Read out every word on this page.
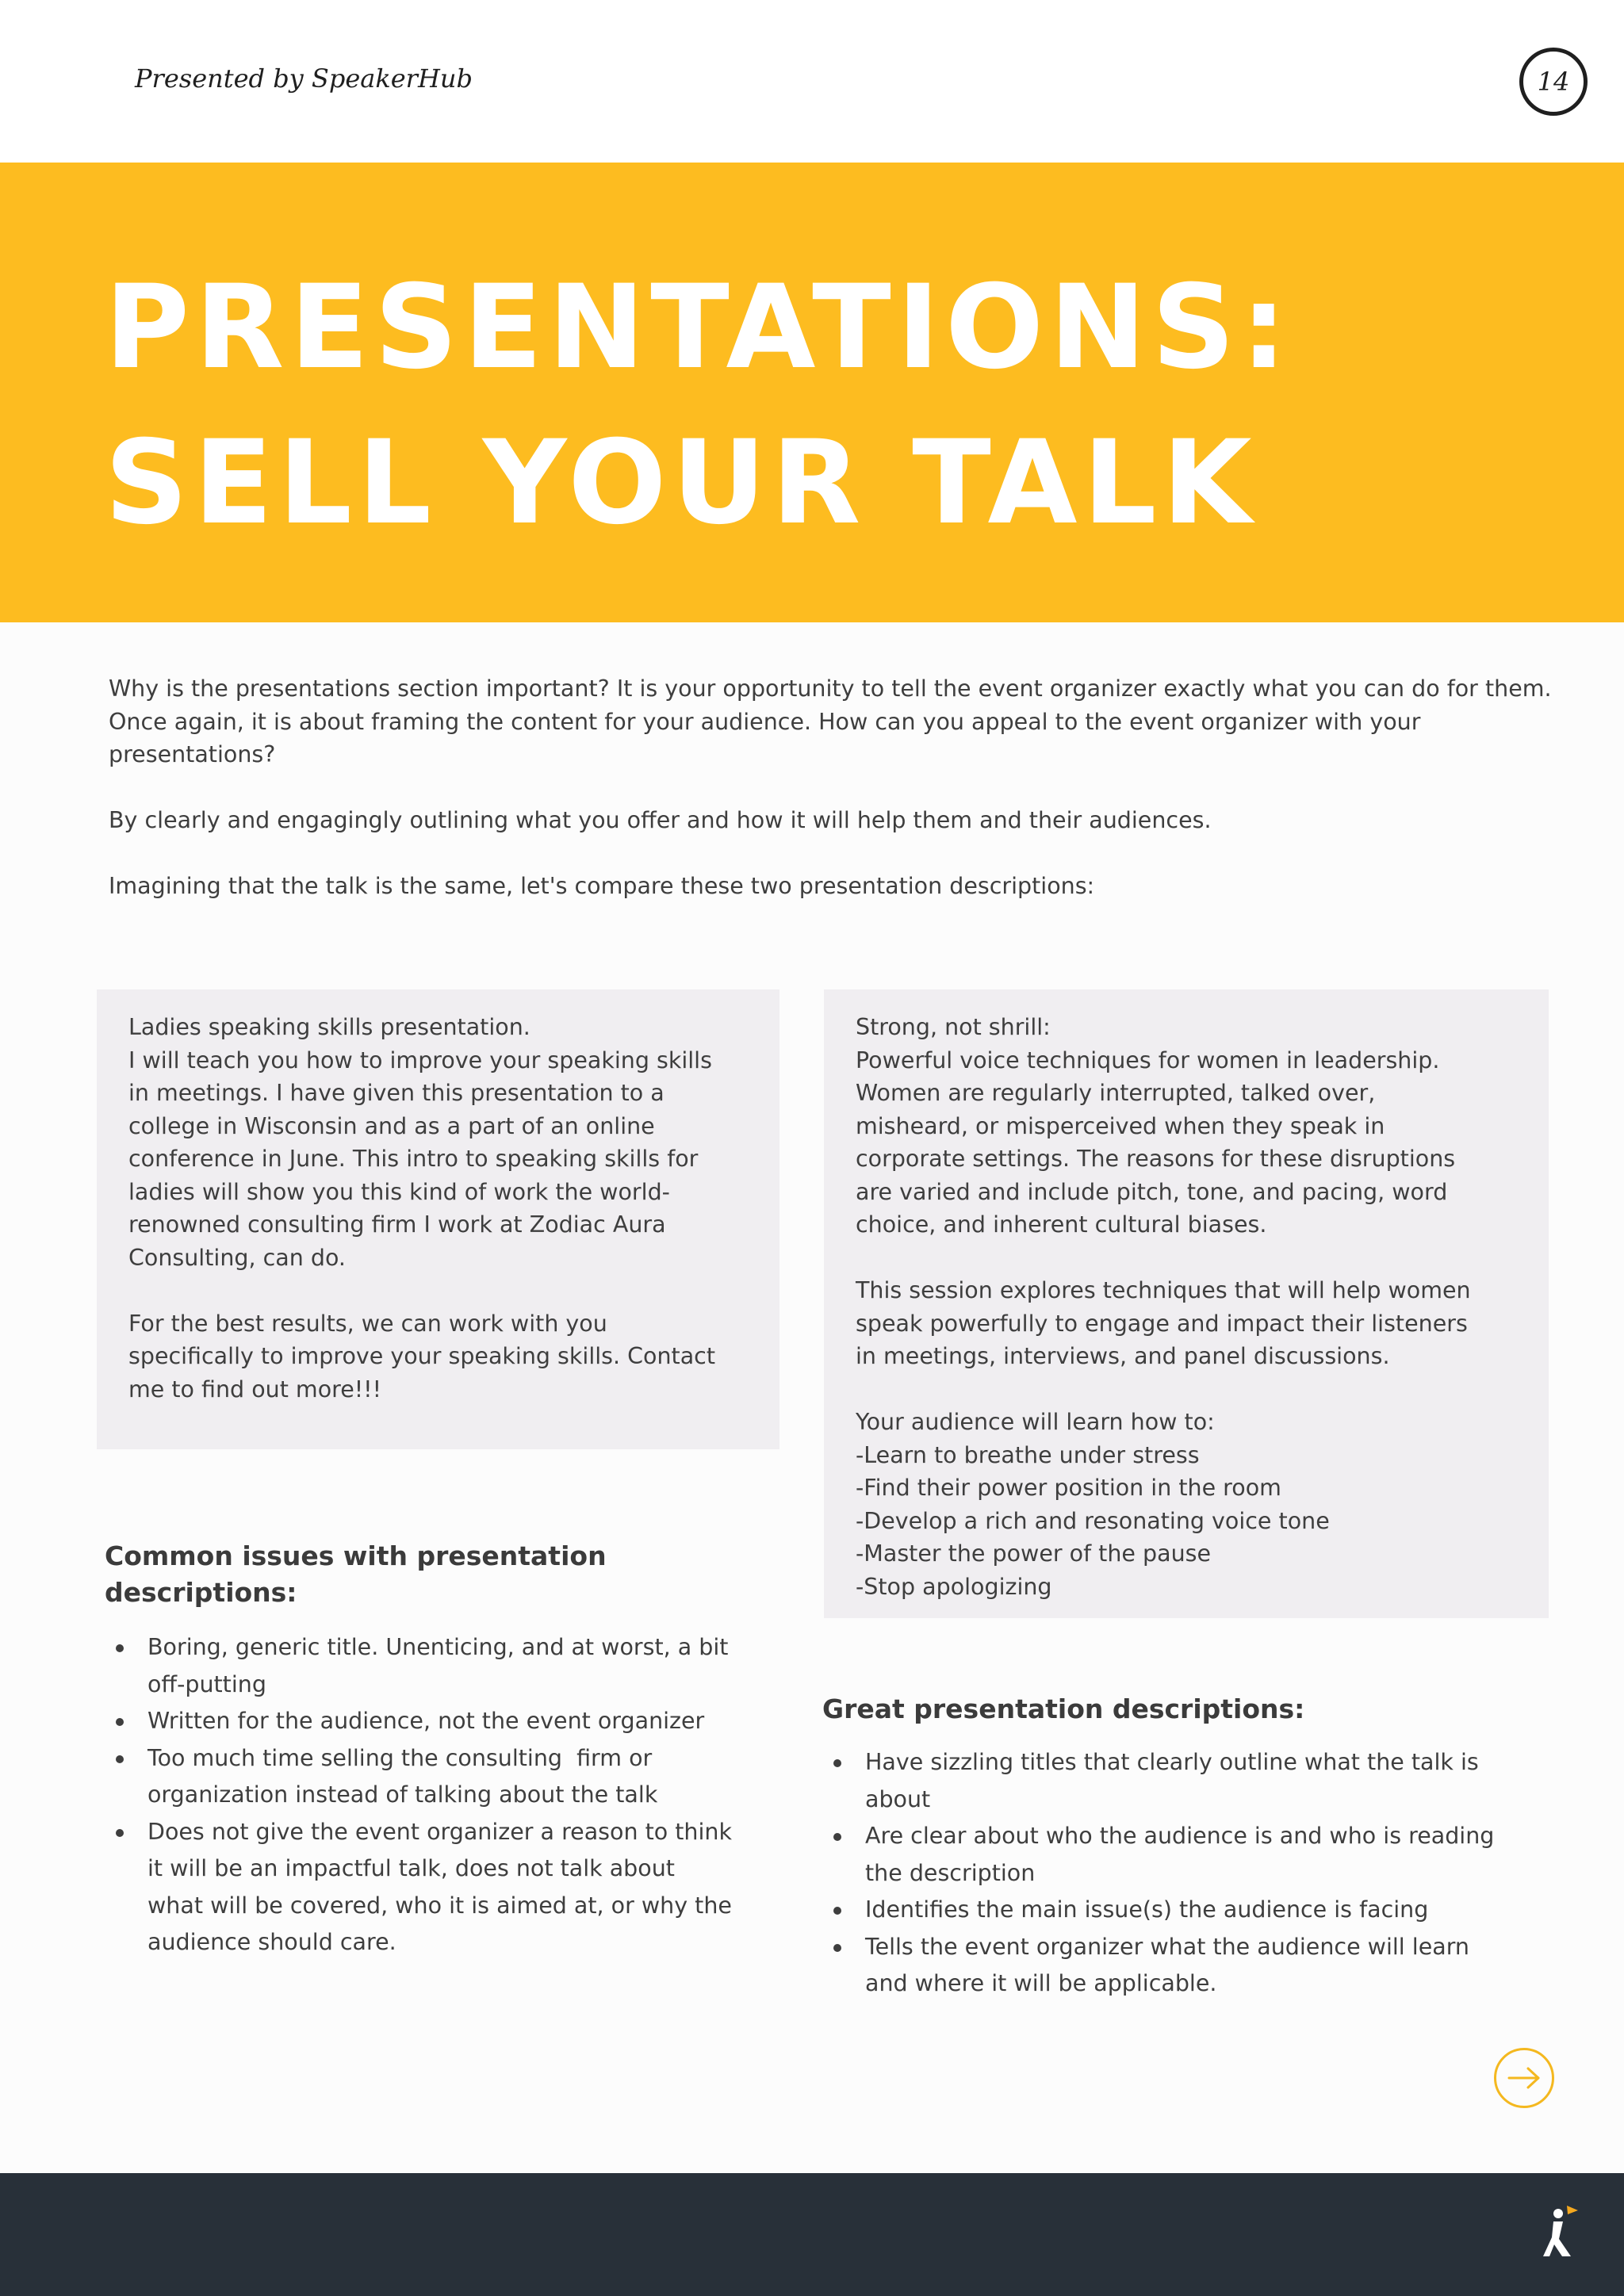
Presented by SpeakerHub	14
PRESENTATIONS:
SELL YOUR TALK

Why is the presentations section important? It is your opportunity to tell the event organizer exactly what you can do for them. Once again, it is about framing the content for your audience. How can you appeal to the event organizer with your presentations?

By clearly and engagingly outlining what you offer and how it will help them and their audiences.

Imagining that the talk is the same, let's compare these two presentation descriptions:

Ladies speaking skills presentation.
I will teach you how to improve your speaking skills
in meetings. I have given this presentation to a
college in Wisconsin and as a part of an online
conference in June. This intro to speaking skills for
ladies will show you this kind of work the world-
renowned consulting firm I work at Zodiac Aura
Consulting, can do.
For the best results, we can work with you
specifically to improve your speaking skills. Contact
me to find out more!!!
Strong, not shrill:
Powerful voice techniques for women in leadership.
Women are regularly interrupted, talked over,
misheard, or misperceived when they speak in
corporate settings. The reasons for these disruptions
are varied and include pitch, tone, and pacing, word
choice, and inherent cultural biases.
This session explores techniques that will help women
speak powerfully to engage and impact their listeners
in meetings, interviews, and panel discussions.
Your audience will learn how to:
-Learn to breathe under stress
-Find their power position in the room
-Develop a rich and resonating voice tone
-Master the power of the pause
-Stop apologizing
Common issues with presentation
descriptions:
Boring, generic title. Unenticing, and at worst, a bit
off-putting
Written for the audience, not the event organizer
Too much time selling the consulting  firm or
organization instead of talking about the talk
Does not give the event organizer a reason to think
it will be an impactful talk, does not talk about
what will be covered, who it is aimed at, or why the
audience should care.
Great presentation descriptions:
Have sizzling titles that clearly outline what the talk is
about
Are clear about who the audience is and who is reading
the description
Identifies the main issue(s) the audience is facing
Tells the event organizer what the audience will learn
and where it will be applicable.
